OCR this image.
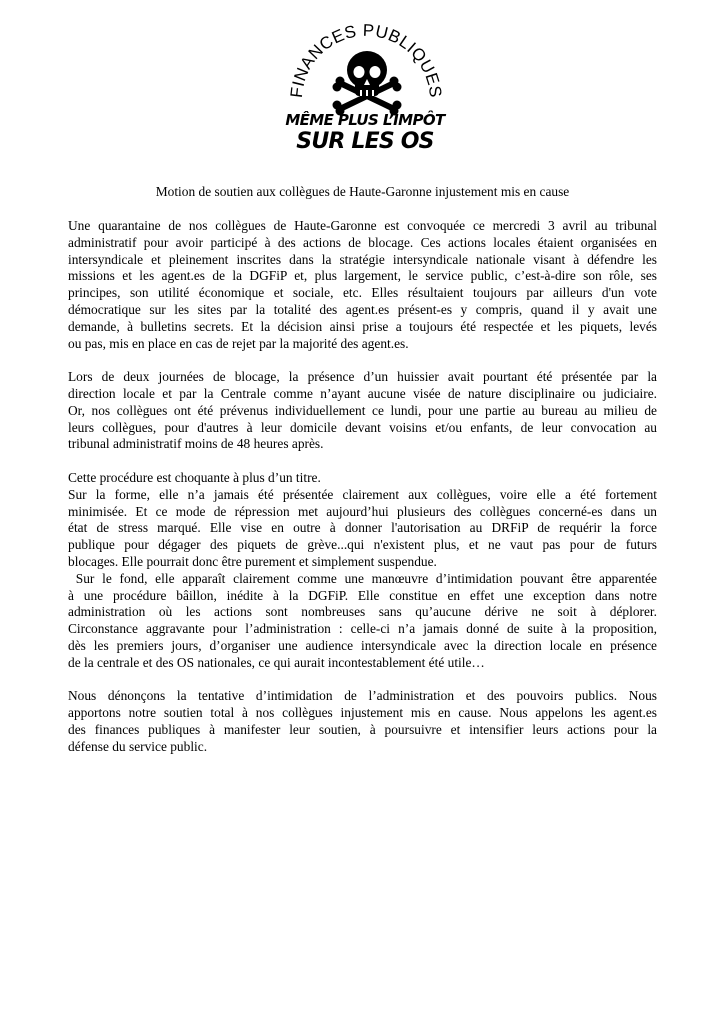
FINANCES PUBLIQUES
MÊME PLUS L’IMPÔT
SUR LES OS
Motion de soutien aux collègues de Haute-Garonne injustement mis en cause

Une quarantaine de nos collègues de Haute-Garonne est convoquée ce mercredi 3 avril au tribunal
administratif pour avoir participé à des actions de blocage. Ces actions locales étaient organisées en
intersyndicale et pleinement inscrites dans la stratégie intersyndicale nationale visant à défendre les
missions et les agent.es de la DGFiP et, plus largement, le service public, c’est-à-dire son rôle, ses
principes, son utilité économique et sociale, etc. Elles résultaient toujours par ailleurs d'un vote
démocratique sur les sites par la totalité des agent.es présent-es y compris, quand il y avait une
demande, à bulletins secrets. Et la décision ainsi prise a toujours été respectée et les piquets, levés
ou pas, mis en place en cas de rejet par la majorité des agent.es.

Lors de deux journées de blocage, la présence d’un huissier avait pourtant été présentée par la
direction locale et par la Centrale comme n’ayant aucune visée de nature disciplinaire ou judiciaire.
Or, nos collègues ont été prévenus individuellement ce lundi, pour une partie au bureau au milieu de
leurs collègues, pour d'autres à leur domicile devant voisins et/ou enfants, de leur convocation au
tribunal administratif moins de 48 heures après.

Cette procédure est choquante à plus d’un titre.
Sur la forme, elle n’a jamais été présentée clairement aux collègues, voire elle a été fortement
minimisée. Et ce mode de répression met aujourd’hui plusieurs des collègues concerné-es dans un
état de stress marqué. Elle vise en outre à donner l'autorisation au DRFiP de requérir la force
publique pour dégager des piquets de grève...qui n'existent plus, et ne vaut pas pour de futurs
blocages. Elle pourrait donc être purement et simplement suspendue.
Sur le fond, elle apparaît clairement comme une manœuvre d’intimidation pouvant être apparentée
à une procédure bâillon, inédite à la DGFiP. Elle constitue en effet une exception dans notre
administration où les actions sont nombreuses sans qu’aucune dérive ne soit à déplorer.
Circonstance aggravante pour l’administration : celle-ci n’a jamais donné de suite à la proposition,
dès les premiers jours, d’organiser une audience intersyndicale avec la direction locale en présence
de la centrale et des OS nationales, ce qui aurait incontestablement été utile…

Nous dénonçons la tentative d’intimidation de l’administration et des pouvoirs publics. Nous
apportons notre soutien total à nos collègues injustement mis en cause. Nous appelons les agent.es
des finances publiques à manifester leur soutien, à poursuivre et intensifier leurs actions pour la
défense du service public.
